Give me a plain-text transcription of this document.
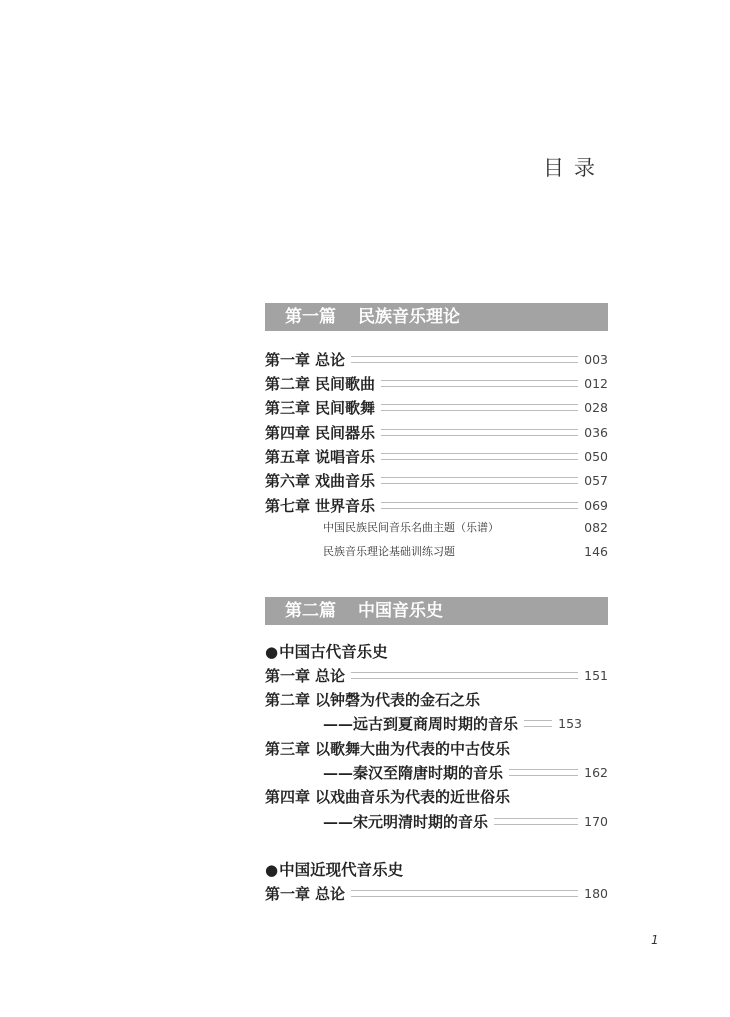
目录
第一篇 民族音乐理论
第一章 总论	003
第二章 民间歌曲	012
第三章 民间歌舞	028
第四章 民间器乐	036
第五章 说唱音乐	050
第六章 戏曲音乐	057
第七章 世界音乐	069
中国民族民间音乐名曲主题（乐谱）	082
民族音乐理论基础训练习题	146
第二篇 中国音乐史
●中国古代音乐史
第一章 总论	151
第二章 以钟磬为代表的金石之乐
——远古到夏商周时期的音乐	153
第三章 以歌舞大曲为代表的中古伎乐
——秦汉至隋唐时期的音乐	162
第四章 以戏曲音乐为代表的近世俗乐
——宋元明清时期的音乐	170
●中国近现代音乐史
第一章 总论	180
1
